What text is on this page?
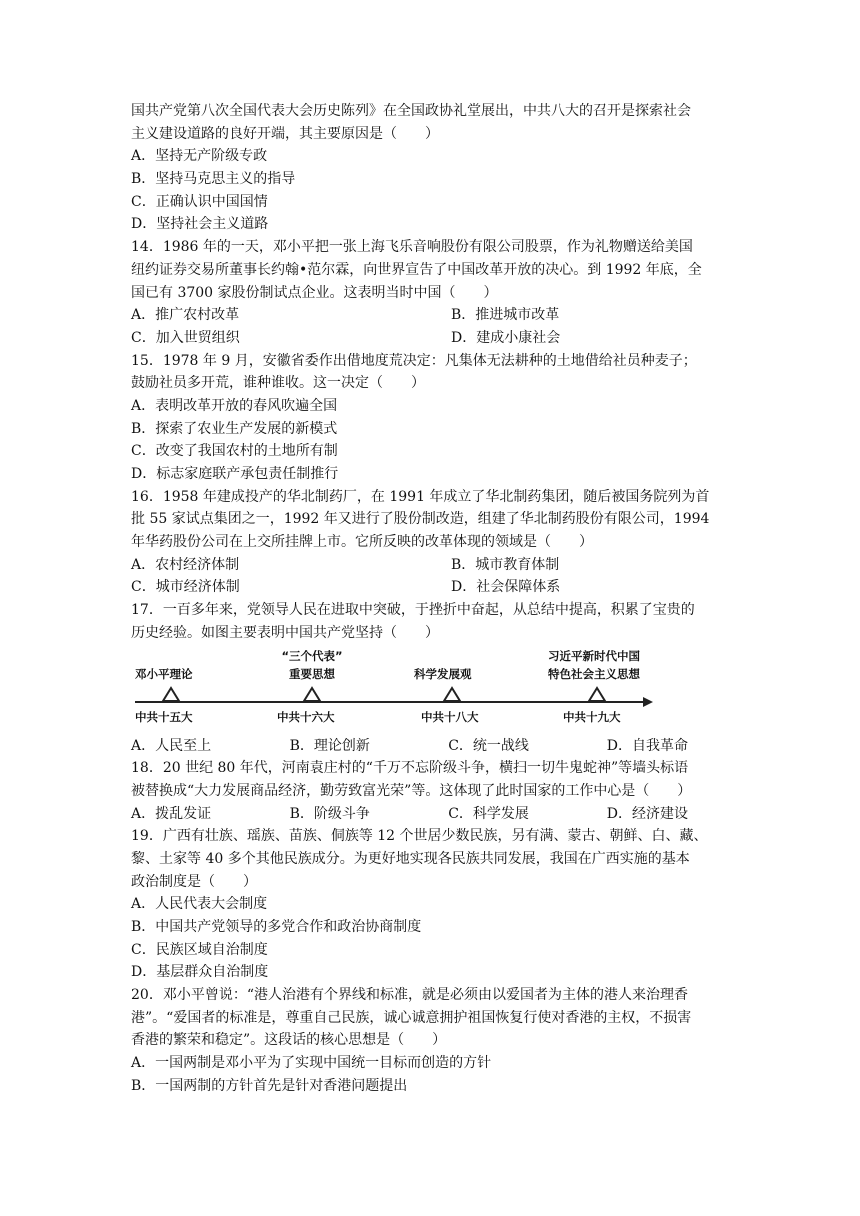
国共产党第八次全国代表大会历史陈列》在全国政协礼堂展出，中共八大的召开是探索社会
主义建设道路的良好开端，其主要原因是（　　）
A．坚持无产阶级专政
B．坚持马克思主义的指导
C．正确认识中国国情
D．坚持社会主义道路
14．1986 年的一天，邓小平把一张上海飞乐音响股份有限公司股票，作为礼物赠送给美国
纽约证券交易所董事长约翰•范尔霖，向世界宣告了中国改革开放的决心。到 1992 年底，全
国已有 3700 家股份制试点企业。这表明当时中国（　　）
A．推广农村改革	B．推进城市改革
C．加入世贸组织	D．建成小康社会
15．1978 年 9 月，安徽省委作出借地度荒决定：凡集体无法耕种的土地借给社员种麦子；
鼓励社员多开荒，谁种谁收。这一决定（　　）
A．表明改革开放的春风吹遍全国
B．探索了农业生产发展的新模式
C．改变了我国农村的土地所有制
D．标志家庭联产承包责任制推行
16．1958 年建成投产的华北制药厂，在 1991 年成立了华北制药集团，随后被国务院列为首
批 55 家试点集团之一，1992 年又进行了股份制改造，组建了华北制药股份有限公司，1994
年华药股份公司在上交所挂牌上市。它所反映的改革体现的领域是（　　）
A．农村经济体制	B．城市教育体制
C．城市经济体制	D．社会保障体系
17．一百多年来，党领导人民在进取中突破，于挫折中奋起，从总结中提高，积累了宝贵的
历史经验。如图主要表明中国共产党坚持（　　）
邓小平理论
“三个代表”
重要思想	科学发展观
习近平新时代中国
特色社会主义思想
中共十五大	中共十六大	中共十八大	中共十九大
A．人民至上	B．理论创新	C．统一战线	D．自我革命
18．20 世纪 80 年代，河南袁庄村的“千万不忘阶级斗争，横扫一切牛鬼蛇神”等墙头标语
被替换成“大力发展商品经济，勤劳致富光荣”等。这体现了此时国家的工作中心是（　　）
A．拨乱发证	B．阶级斗争	C．科学发展	D．经济建设
19．广西有壮族、瑶族、苗族、侗族等 12 个世居少数民族，另有满、蒙古、朝鲜、白、藏、
黎、土家等 40 多个其他民族成分。为更好地实现各民族共同发展，我国在广西实施的基本
政治制度是（　　）
A．人民代表大会制度
B．中国共产党领导的多党合作和政治协商制度
C．民族区域自治制度
D．基层群众自治制度
20．邓小平曾说：“港人治港有个界线和标准，就是必须由以爱国者为主体的港人来治理香
港”。“爱国者的标准是，尊重自己民族，诚心诚意拥护祖国恢复行使对香港的主权，不损害
香港的繁荣和稳定”。这段话的核心思想是（　　）
A．一国两制是邓小平为了实现中国统一目标而创造的方针
B．一国两制的方针首先是针对香港问题提出
